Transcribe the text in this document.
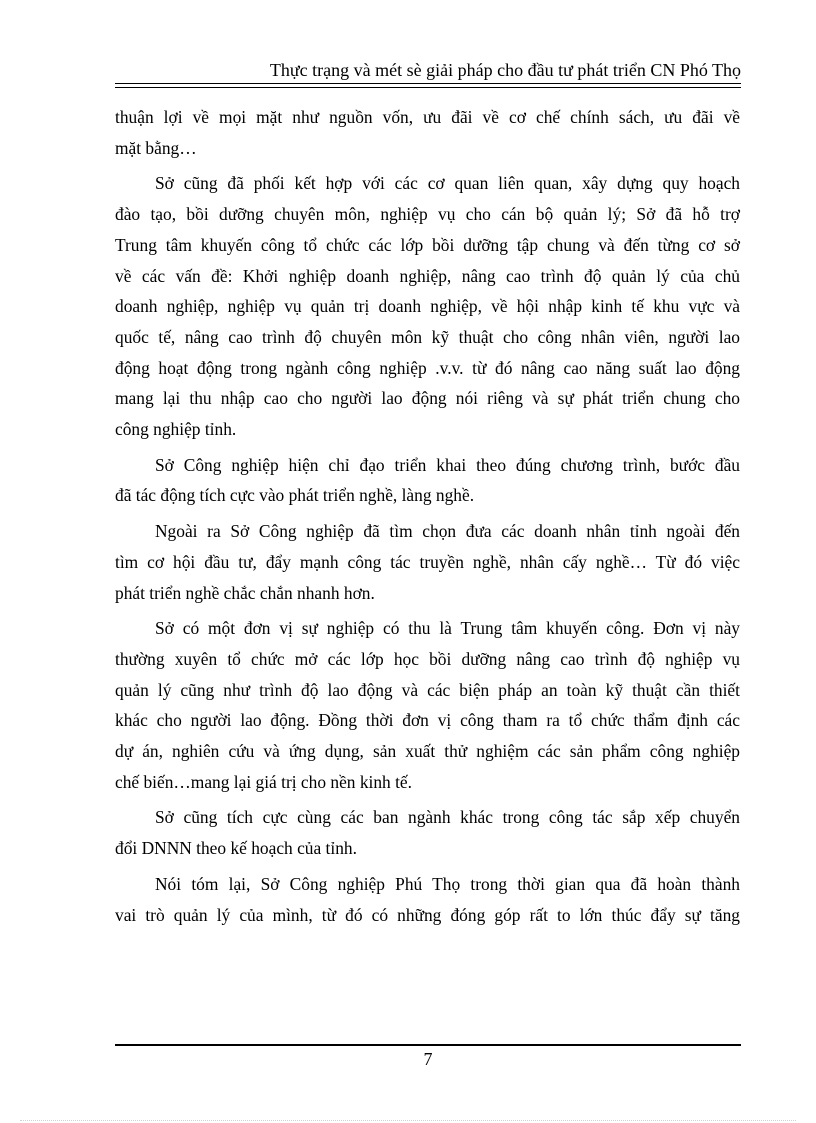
Thực trạng và mét sè giải pháp cho đầu tư phát triển CN Phó Thọ
thuận lợi về mọi mặt như nguồn vốn, ưu đãi về cơ chế chính sách, ưu đãi về
mặt bằng…
Sở cũng đã phối kết hợp với các cơ quan liên quan, xây dựng quy hoạch
đào tạo, bồi dưỡng chuyên môn, nghiệp vụ cho cán bộ quản lý; Sở đã hỗ trợ
Trung tâm khuyến công tổ chức các lớp bồi dưỡng tập chung và đến từng cơ sở
về các vấn đề: Khởi nghiệp doanh nghiệp, nâng cao trình độ quản lý của chủ
doanh nghiệp, nghiệp vụ quản trị doanh nghiệp, về hội nhập kinh tế khu vực và
quốc tế, nâng cao trình độ chuyên môn kỹ thuật cho công nhân viên, người lao
động hoạt động trong ngành công nghiệp .v.v. từ đó nâng cao năng suất lao động
mang lại thu nhập cao cho người lao động nói riêng và sự phát triển chung cho
công nghiệp tỉnh.
Sở Công nghiệp hiện chỉ đạo triển khai theo đúng chương trình, bước đầu
đã tác động tích cực vào phát triển nghề, làng nghề.
Ngoài ra Sở Công nghiệp đã tìm chọn đưa các doanh nhân tỉnh ngoài đến
tìm cơ hội đầu tư, đẩy mạnh công tác truyền nghề, nhân cấy nghề… Từ đó việc
phát triển nghề chắc chắn nhanh hơn.
Sở có một đơn vị sự nghiệp có thu là Trung tâm khuyến công. Đơn vị này
thường xuyên tổ chức mở các lớp học bồi dưỡng nâng cao trình độ nghiệp vụ
quản lý cũng như trình độ lao động và các biện pháp an toàn kỹ thuật cần thiết
khác cho người lao động. Đồng thời đơn vị công tham ra tổ chức thẩm định các
dự án, nghiên cứu và ứng dụng, sản xuất thử nghiệm các sản phẩm công nghiệp
chế biến…mang lại giá trị cho nền kinh tế.
Sở cũng tích cực cùng các ban ngành khác trong công tác sắp xếp chuyển
đổi DNNN theo kế hoạch của tỉnh.
Nói tóm lại, Sở Công nghiệp Phú Thọ trong thời gian qua đã hoàn thành
vai trò quản lý của mình, từ đó có những đóng góp rất to lớn thúc đẩy sự tăng
7
